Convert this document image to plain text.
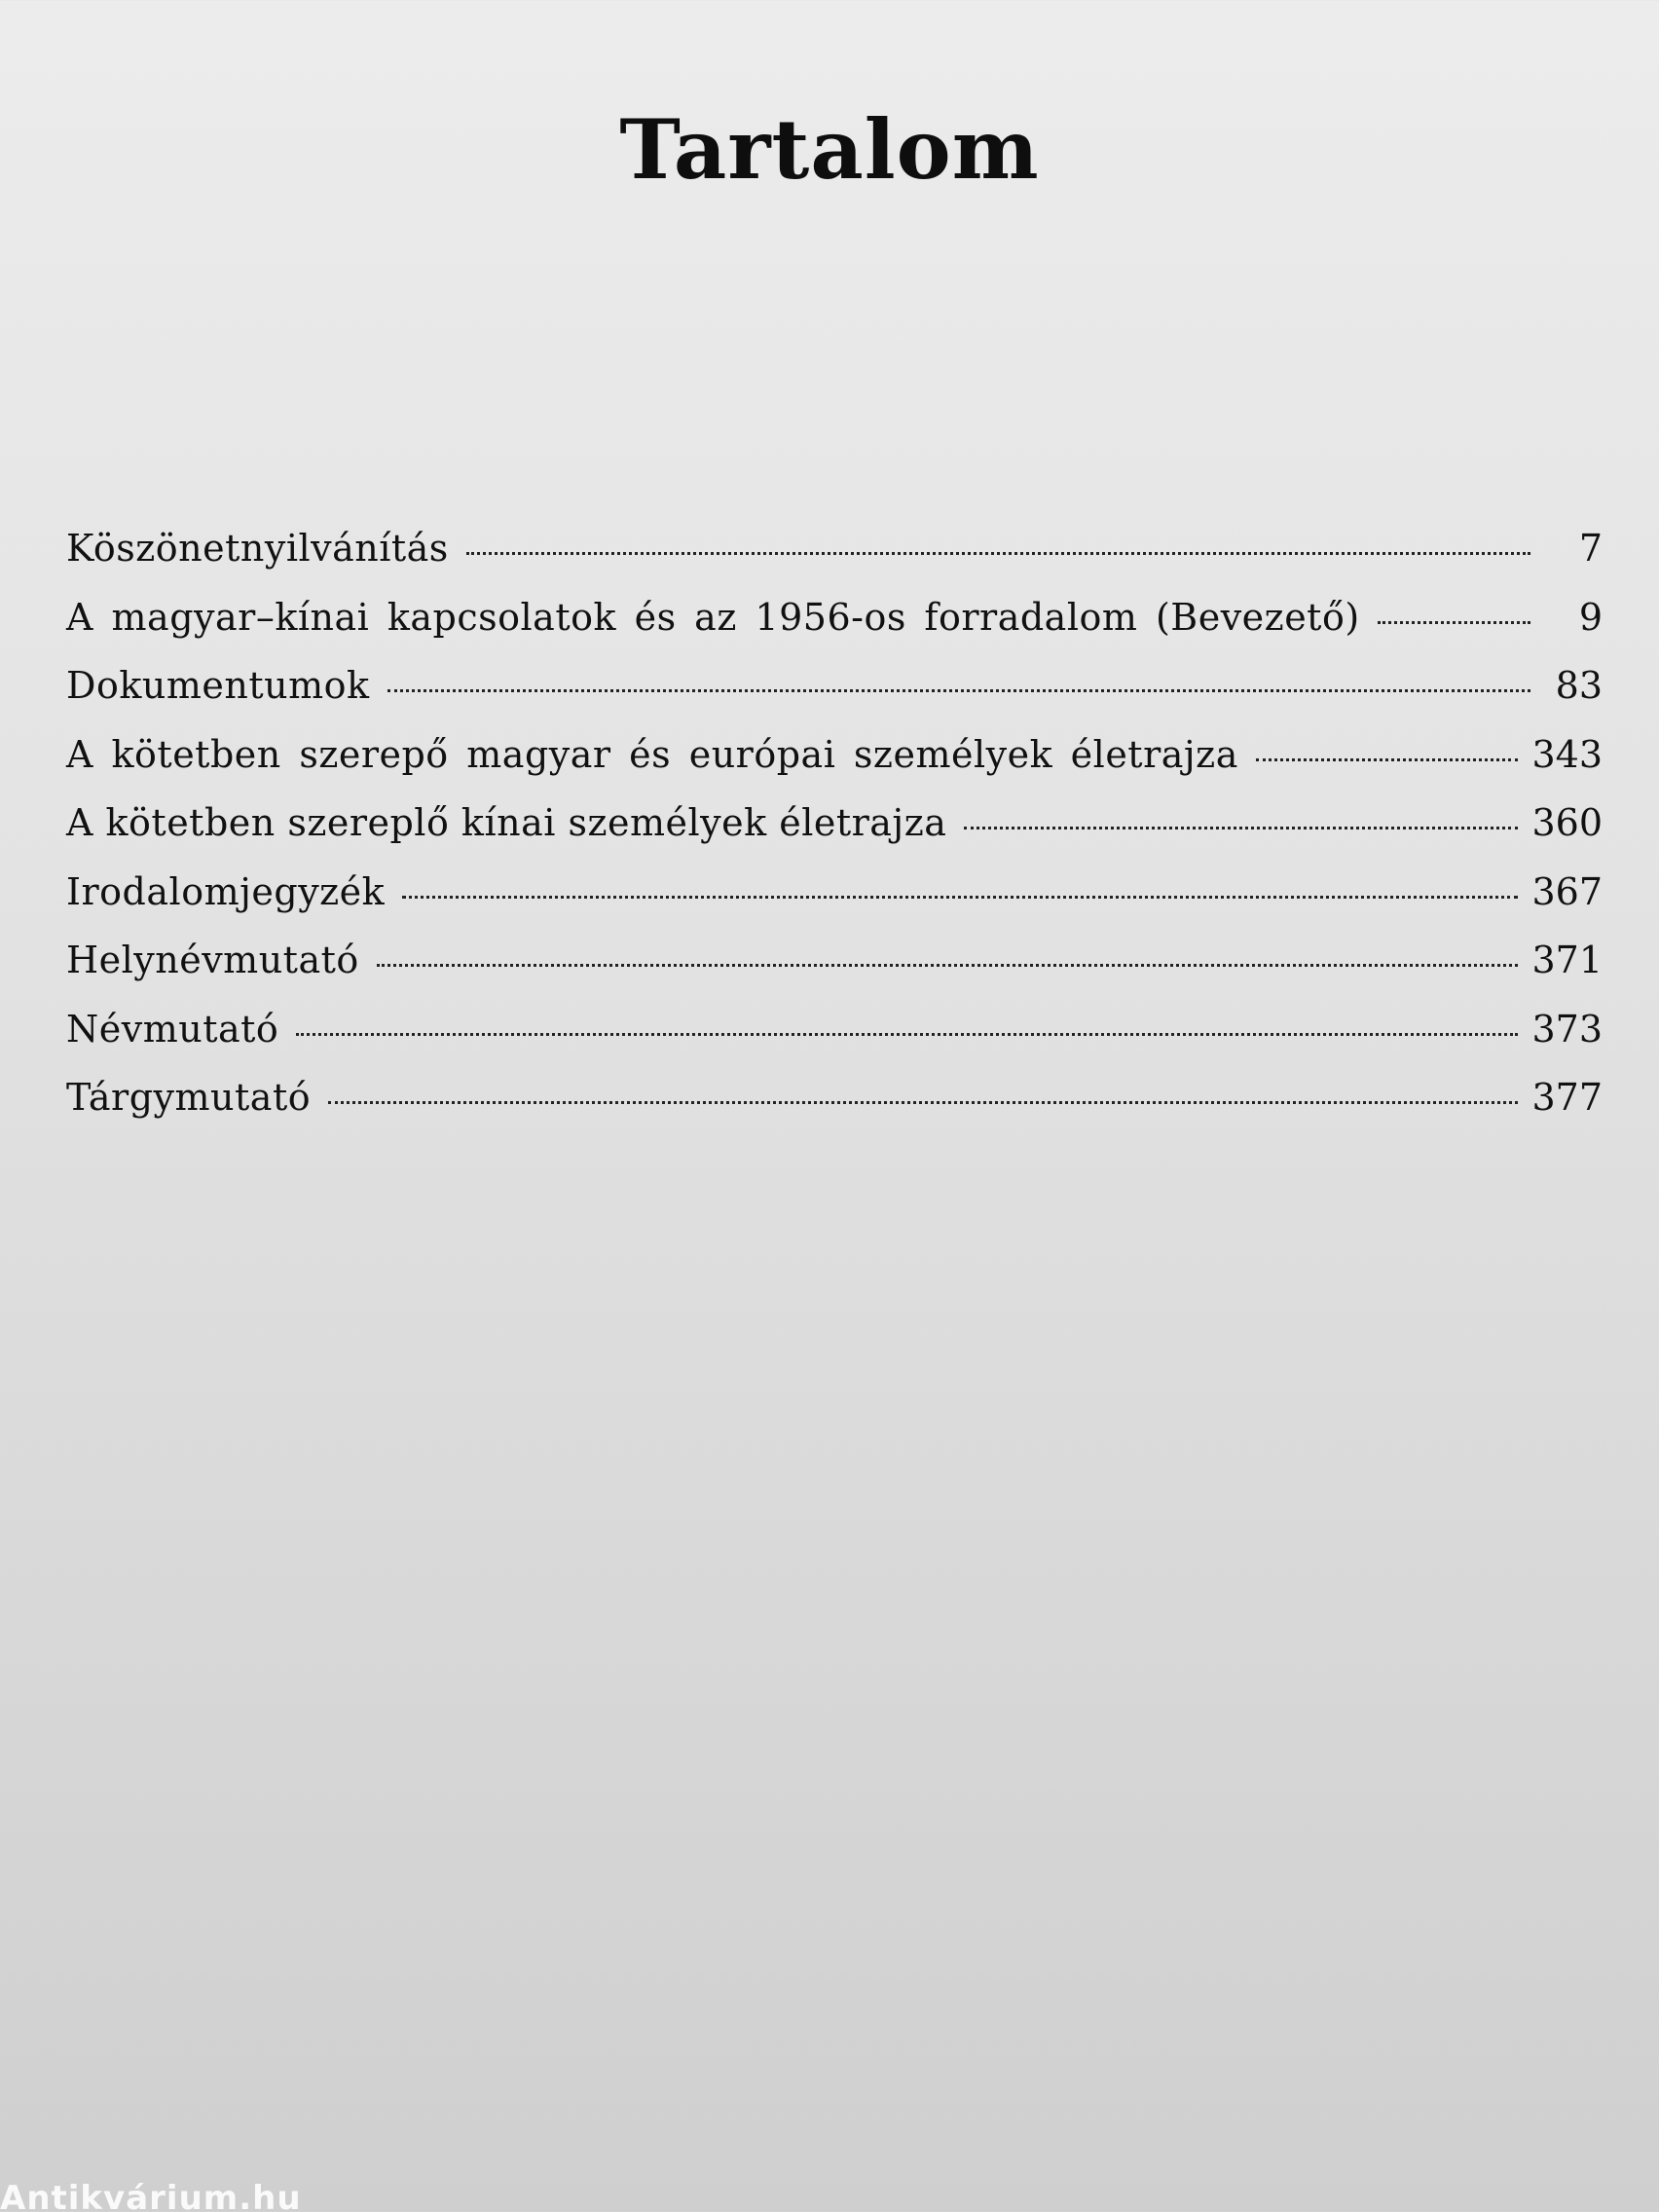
Tartalom
Köszönetnyilvánítás	7
A magyar–kínai kapcsolatok és az 1956-os forradalom (Bevezető)	9
Dokumentumok	83
A kötetben szerepő magyar és európai személyek életrajza	343
A kötetben szereplő kínai személyek életrajza	360
Irodalomjegyzék	367
Helynévmutató	371
Névmutató	373
Tárgymutató	377
Antikvárium.hu
